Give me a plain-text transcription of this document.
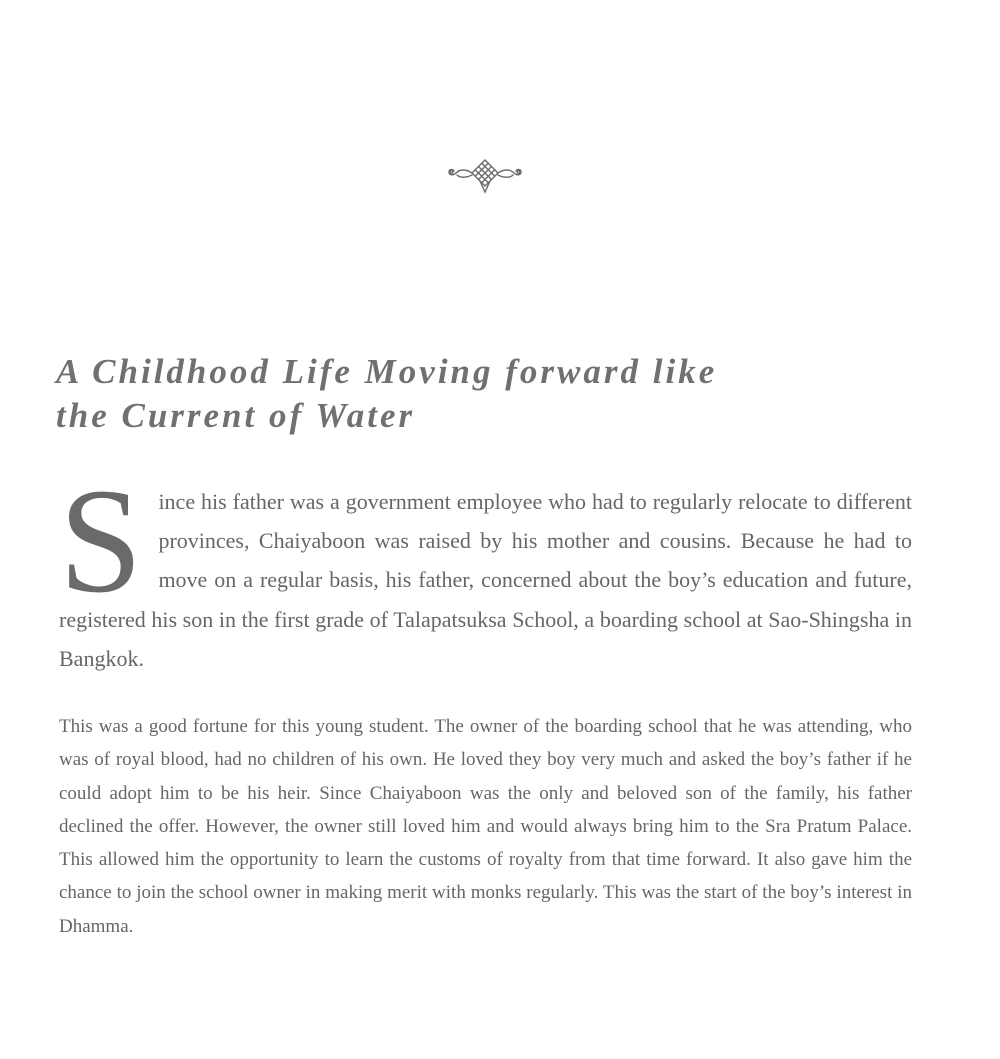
A Childhood Life Moving forward like
the Current of Water

S ince his father was a government employee who had to regularly relocate to different provinces, Chaiyaboon was raised by his mother and cousins. Because he had to move on a regular basis, his father, concerned about the boy’s education and future, registered his son in the first grade of Talapatsuksa School, a boarding school at Sao-Shingsha in Bangkok.

This was a good fortune for this young student. The owner of the boarding school that he was attending, who was of royal blood, had no children of his own. He loved they boy very much and asked the boy’s father if he could adopt him to be his heir. Since Chaiyaboon was the only and beloved son of the family, his father declined the offer. However, the owner still loved him and would always bring him to the Sra Pratum Palace. This allowed him the opportunity to learn the customs of royalty from that time forward. It also gave him the chance to join the school owner in making merit with monks regularly. This was the start of the boy’s interest in Dhamma.
